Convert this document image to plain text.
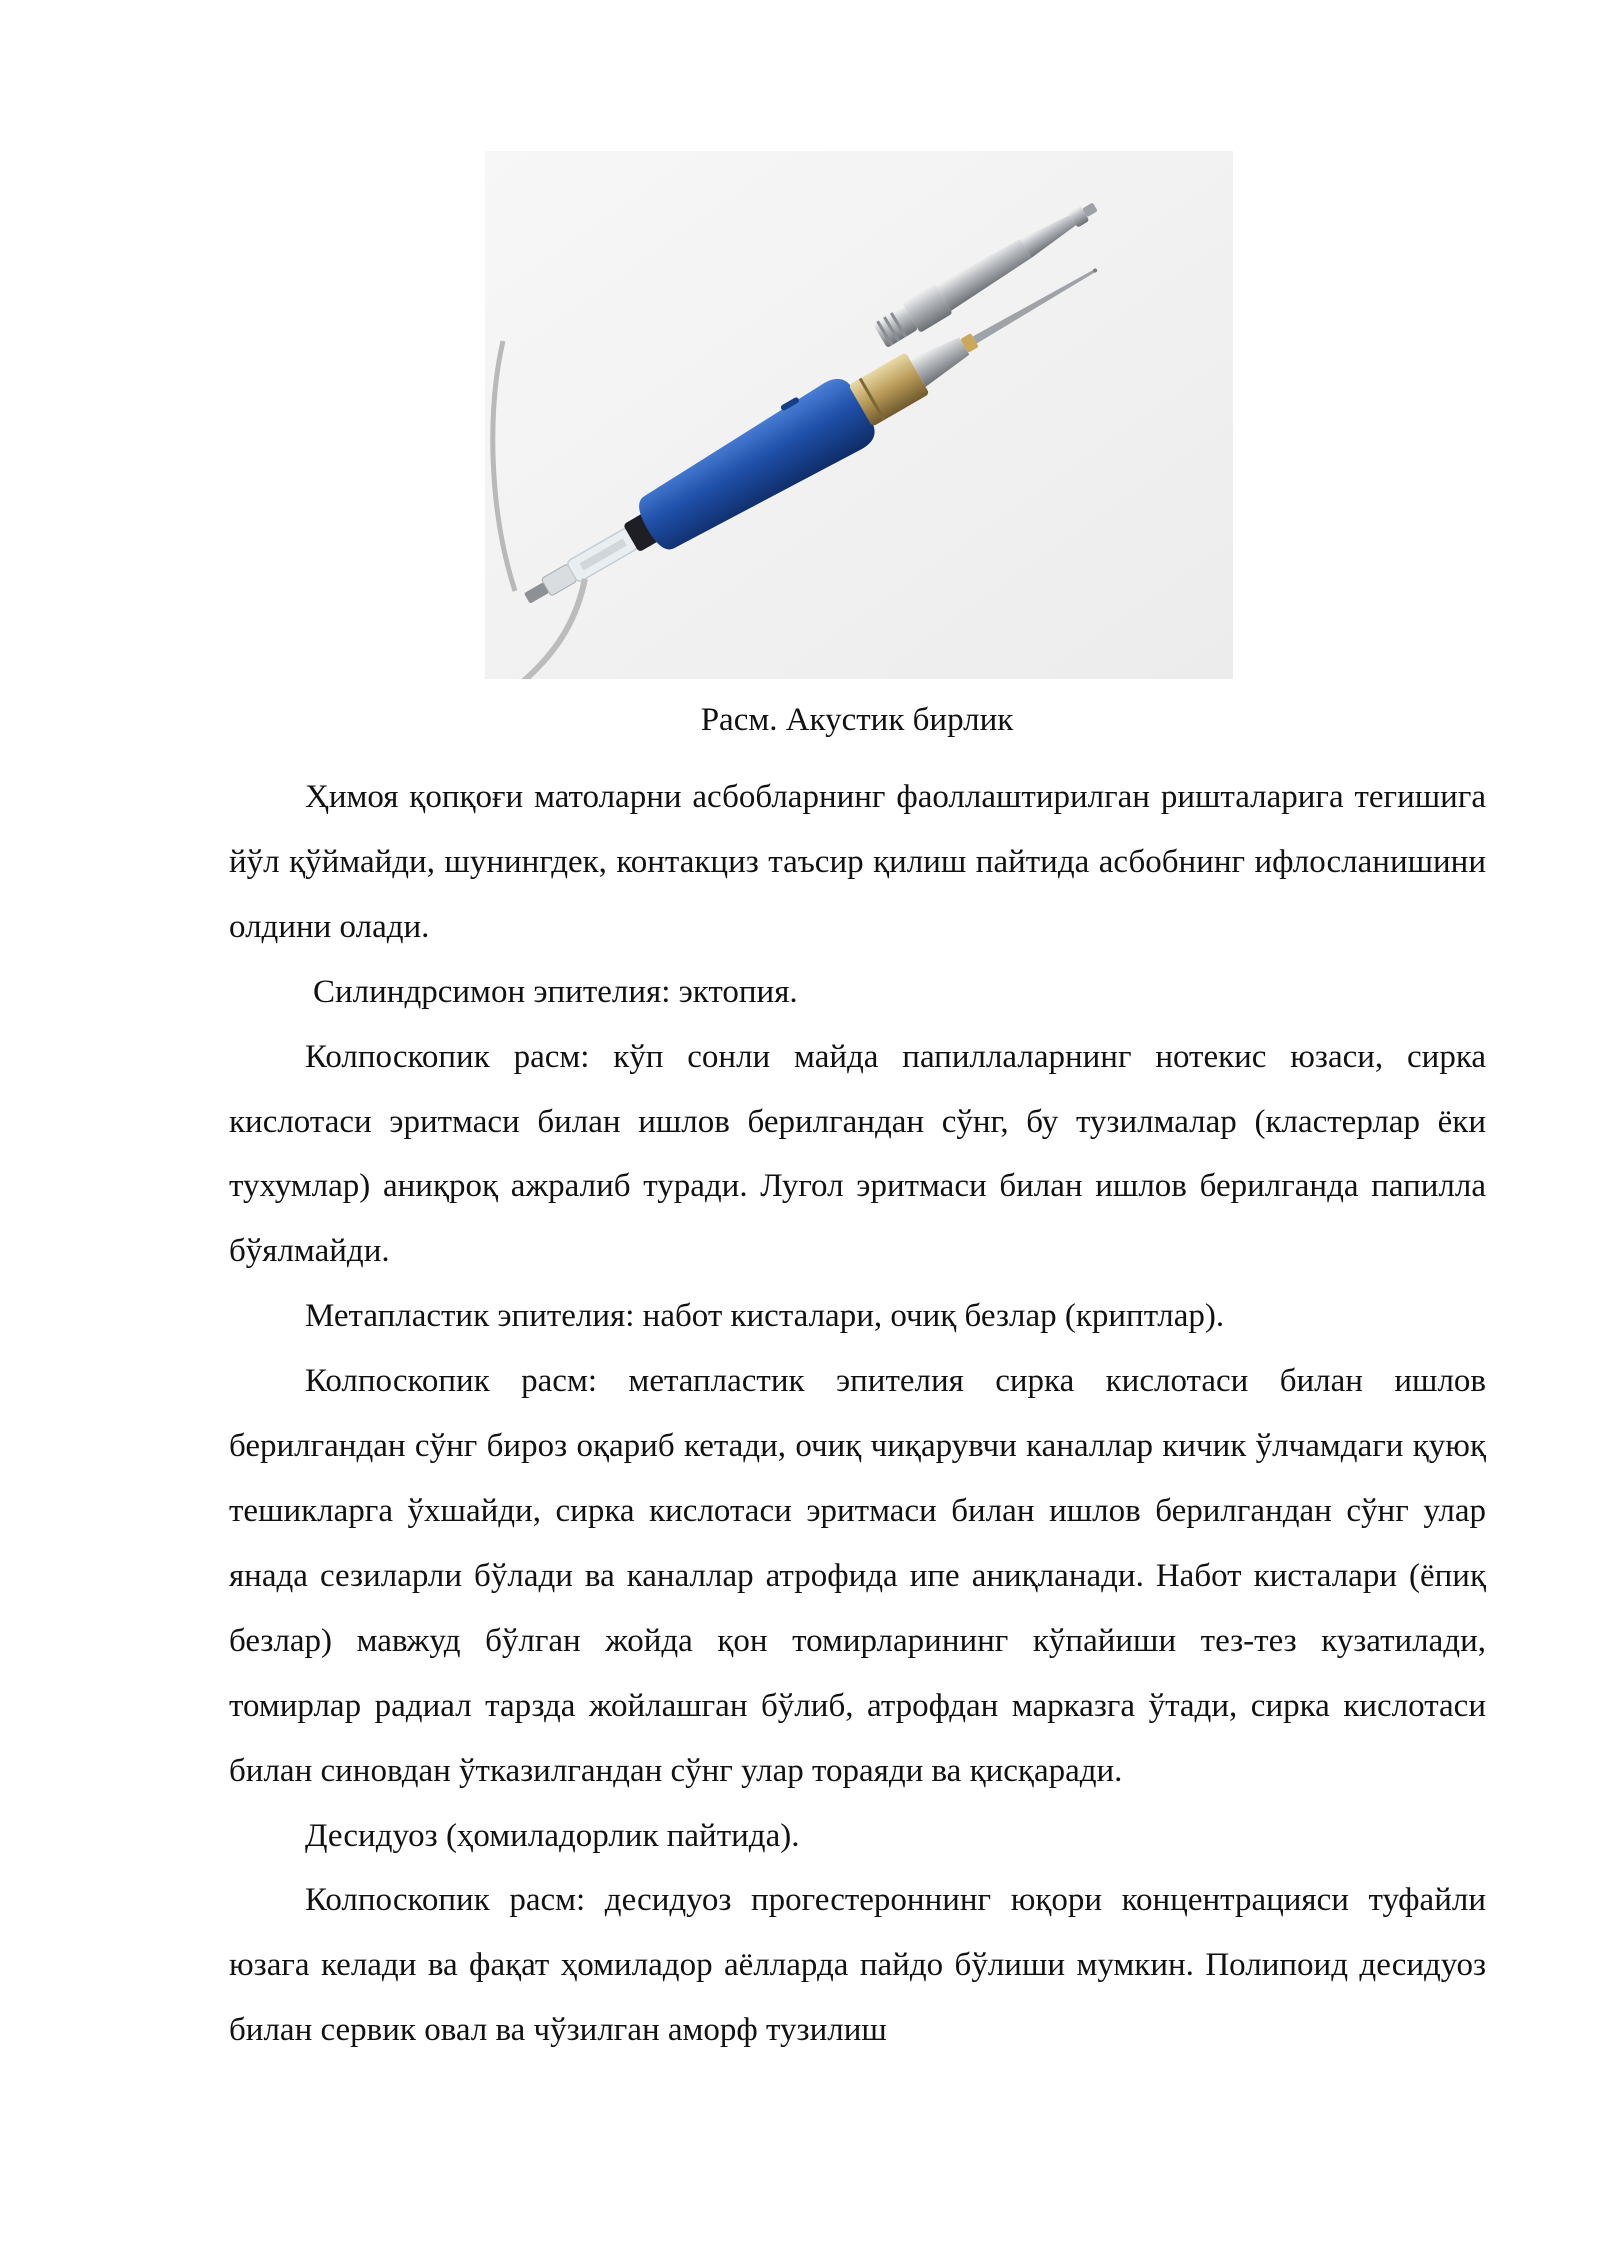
Расм. Акустик бирлик

Ҳимоя қопқоғи матоларни асбобларнинг фаоллаштирилган ришталарига тегишига йўл қўймайди, шунингдек, контакциз таъсир қилиш пайтида асбобнинг ифлосланишини олдини олади.

Силиндрсимон эпителия: эктопия.

Колпоскопик расм: кўп сонли майда папиллаларнинг нотекис юзаси, сирка кислотаси эритмаси билан ишлов берилгандан сўнг, бу тузилмалар (кластерлар ёки тухумлар) аниқроқ ажралиб туради. Лугол эритмаси билан ишлов берилганда папилла бўялмайди.

Метапластик эпителия: набот кисталари, очиқ безлар (криптлар).

Колпоскопик расм: метапластик эпителия сирка кислотаси билан ишлов берилгандан сўнг бироз оқариб кетади, очиқ чиқарувчи каналлар кичик ўлчамдаги қуюқ тешикларга ўхшайди, сирка кислотаси эритмаси билан ишлов берилгандан сўнг улар янада сезиларли бўлади ва каналлар атрофида ипе аниқланади. Набот кисталари (ёпиқ безлар) мавжуд бўлган жойда қон томирларининг кўпайиши тез-тез кузатилади, томирлар радиал тарзда жойлашган бўлиб, атрофдан марказга ўтади, сирка кислотаси билан синовдан ўтказилгандан сўнг улар тораяди ва қисқаради.

Десидуоз (ҳомиладорлик пайтида).

Колпоскопик расм: десидуоз прогестероннинг юқори концентрацияси туфайли юзага келади ва фақат ҳомиладор аёлларда пайдо бўлиши мумкин. Полипоид десидуоз билан сервик овал ва чўзилган аморф тузилиш
